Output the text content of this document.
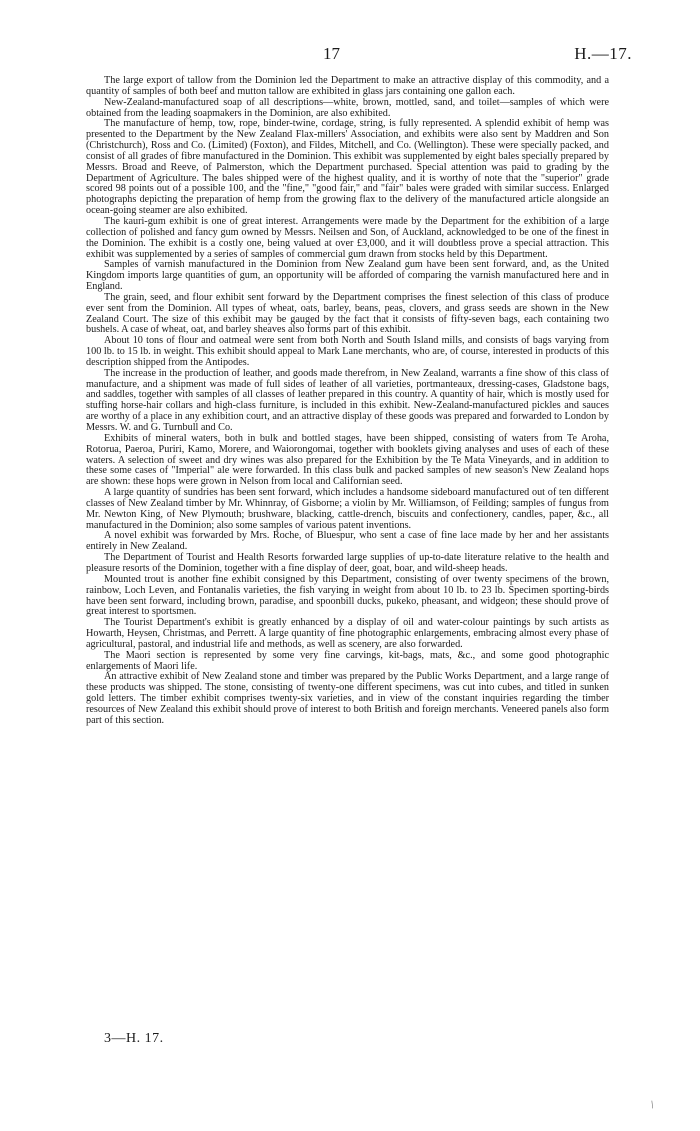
17	H.—17.

The large export of tallow from the Dominion led the Department to make an attractive display of this commodity, and a quantity of samples of both beef and mutton tallow are exhibited in glass jars containing one gallon each.

New-Zealand-manufactured soap of all descriptions—white, brown, mottled, sand, and toilet—samples of which were obtained from the leading soapmakers in the Dominion, are also exhibited.

The manufacture of hemp, tow, rope, binder-twine, cordage, string, is fully represented. A splendid exhibit of hemp was presented to the Department by the New Zealand Flax-millers' Association, and exhibits were also sent by Maddren and Son (Christchurch), Ross and Co. (Limited) (Foxton), and Fildes, Mitchell, and Co. (Wellington). These were specially packed, and consist of all grades of fibre manufactured in the Dominion. This exhibit was supplemented by eight bales specially prepared by Messrs. Broad and Reeve, of Palmerston, which the Department purchased. Special attention was paid to grading by the Department of Agriculture. The bales shipped were of the highest quality, and it is worthy of note that the "superior" grade scored 98 points out of a possible 100, and the "fine," "good fair," and "fair" bales were graded with similar success. Enlarged photographs depicting the preparation of hemp from the growing flax to the delivery of the manufactured article alongside an ocean-going steamer are also exhibited.

The kauri-gum exhibit is one of great interest. Arrangements were made by the Department for the exhibition of a large collection of polished and fancy gum owned by Messrs. Neilsen and Son, of Auckland, acknowledged to be one of the finest in the Dominion. The exhibit is a costly one, being valued at over £3,000, and it will doubtless prove a special attraction. This exhibit was supplemented by a series of samples of commercial gum drawn from stocks held by this Department.

Samples of varnish manufactured in the Dominion from New Zealand gum have been sent forward, and, as the United Kingdom imports large quantities of gum, an opportunity will be afforded of comparing the varnish manufactured here and in England.

The grain, seed, and flour exhibit sent forward by the Department comprises the finest selection of this class of produce ever sent from the Dominion. All types of wheat, oats, barley, beans, peas, clovers, and grass seeds are shown in the New Zealand Court. The size of this exhibit may be gauged by the fact that it consists of fifty-seven bags, each containing two bushels. A case of wheat, oat, and barley sheaves also forms part of this exhibit.

About 10 tons of flour and oatmeal were sent from both North and South Island mills, and consists of bags varying from 100 lb. to 15 lb. in weight. This exhibit should appeal to Mark Lane merchants, who are, of course, interested in products of this description shipped from the Antipodes.

The increase in the production of leather, and goods made therefrom, in New Zealand, warrants a fine show of this class of manufacture, and a shipment was made of full sides of leather of all varieties, portmanteaux, dressing-cases, Gladstone bags, and saddles, together with samples of all classes of leather prepared in this country. A quantity of hair, which is mostly used for stuffing horse-hair collars and high-class furniture, is included in this exhibit. New-Zealand-manufactured pickles and sauces are worthy of a place in any exhibition court, and an attractive display of these goods was prepared and forwarded to London by Messrs. W. and G. Turnbull and Co.

Exhibits of mineral waters, both in bulk and bottled stages, have been shipped, consisting of waters from Te Aroha, Rotorua, Paeroa, Puriri, Kamo, Morere, and Waiorongomai, together with booklets giving analyses and uses of each of these waters. A selection of sweet and dry wines was also prepared for the Exhibition by the Te Mata Vineyards, and in addition to these some cases of "Imperial" ale were forwarded. In this class bulk and packed samples of new season's New Zealand hops are shown: these hops were grown in Nelson from local and Californian seed.

A large quantity of sundries has been sent forward, which includes a handsome sideboard manufactured out of ten different classes of New Zealand timber by Mr. Whinnray, of Gisborne; a violin by Mr. Williamson, of Feilding; samples of fungus from Mr. Newton King, of New Plymouth; brushware, blacking, cattle-drench, biscuits and confectionery, candles, paper, &c., all manufactured in the Dominion; also some samples of various patent inventions.

A novel exhibit was forwarded by Mrs. Roche, of Bluespur, who sent a case of fine lace made by her and her assistants entirely in New Zealand.

The Department of Tourist and Health Resorts forwarded large supplies of up-to-date literature relative to the health and pleasure resorts of the Dominion, together with a fine display of deer, goat, boar, and wild-sheep heads.

Mounted trout is another fine exhibit consigned by this Department, consisting of over twenty specimens of the brown, rainbow, Loch Leven, and Fontanalis varieties, the fish varying in weight from about 10 lb. to 23 lb. Specimen sporting-birds have been sent forward, including brown, paradise, and spoonbill ducks, pukeko, pheasant, and widgeon; these should prove of great interest to sportsmen.

The Tourist Department's exhibit is greatly enhanced by a display of oil and water-colour paintings by such artists as Howarth, Heysen, Christmas, and Perrett. A large quantity of fine photographic enlargements, embracing almost every phase of agricultural, pastoral, and industrial life and methods, as well as scenery, are also forwarded.

The Maori section is represented by some very fine carvings, kit-bags, mats, &c., and some good photographic enlargements of Maori life.

An attractive exhibit of New Zealand stone and timber was prepared by the Public Works Department, and a large range of these products was shipped. The stone, consisting of twenty-one different specimens, was cut into cubes, and titled in sunken gold letters. The timber exhibit comprises twenty-six varieties, and in view of the constant inquiries regarding the timber resources of New Zealand this exhibit should prove of interest to both British and foreign merchants. Veneered panels also form part of this section.

3—H. 17.
/
